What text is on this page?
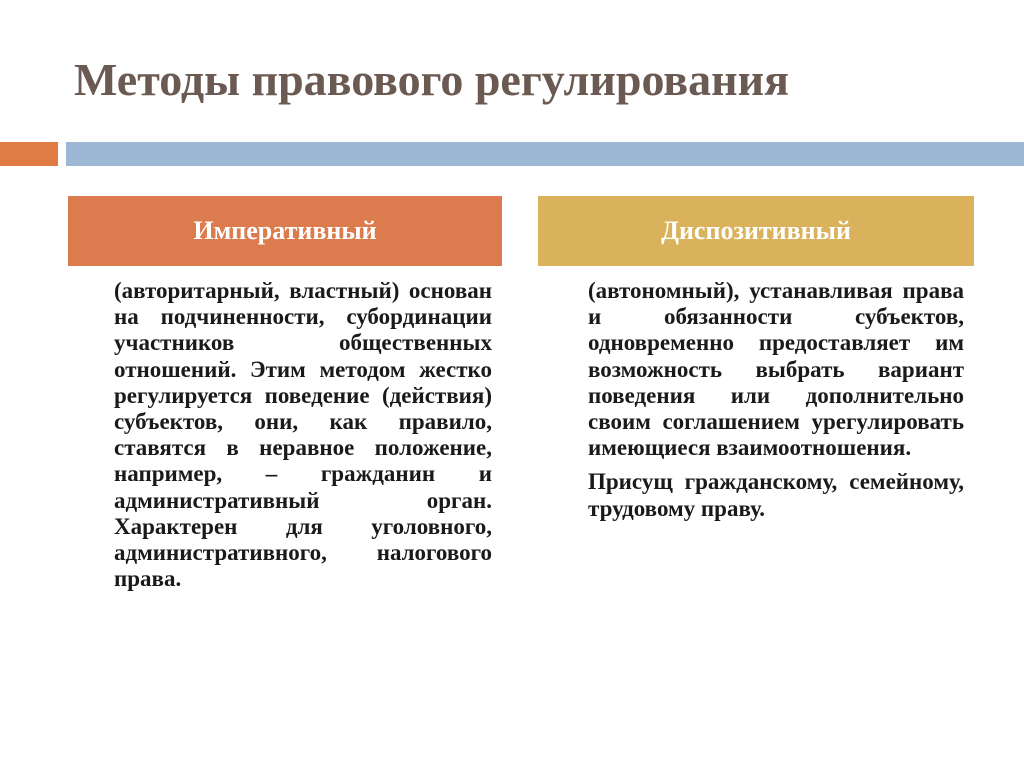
Методы правового регулирования
Императивный	Диспозитивный

(авторитарный, властный) основан на подчиненности, субординации участников общественных отношений. Этим методом жестко регулируется поведение (действия) субъектов, они, как правило, ставятся в неравное положение, например, – гражданин и административный орган. Характерен для уголовного, административного, налогового права.

(автономный), устанавливая права и обязанности субъектов, одновременно предоставляет им возможность выбрать вариант поведения или дополнительно своим соглашением урегулировать имеющиеся взаимоотношения.

Присущ гражданскому, семейному, трудовому праву.
